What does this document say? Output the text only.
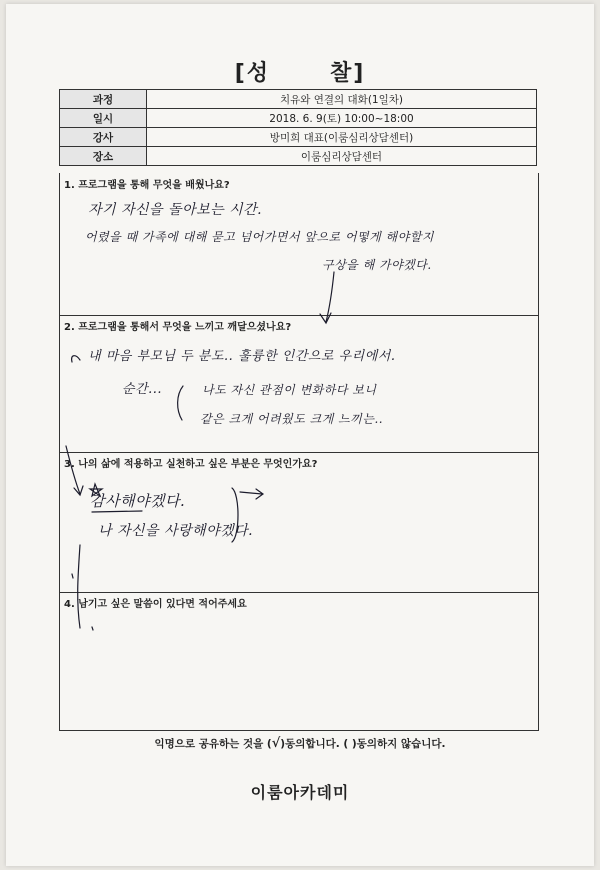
[성	찰]
과정	치유와 연결의 대화(1일차)
일시	2018. 6. 9(토) 10:00~18:00
강사	방미희 대표(이룸심리상담센터)
장소	이룸심리상담센터
1. 프로그램을 통해 무엇을 배웠나요?
자기 자신을 돌아보는 시간.
어렸을 때 가족에 대해 묻고 넘어가면서 앞으로 어떻게 해야할지
구상을 해 가야겠다.
2. 프로그램을 통해서 무엇을 느끼고 깨달으셨나요?
내 마음 부모님 두 분도.. 훌륭한 인간으로 우리에서.
순간...	나도 자신 관점이 변화하다 보니
같은 크게 어려웠도 크게 느끼는..
3. 나의 삶에 적용하고 실천하고 싶은 부분은 무엇인가요?
감사해야겠다.
나 자신을 사랑해야겠다.
4. 남기고 싶은 말씀이 있다면 적어주세요
익명으로 공유하는 것을 (√)동의합니다. ( )동의하지 않습니다.
이룸아카데미
